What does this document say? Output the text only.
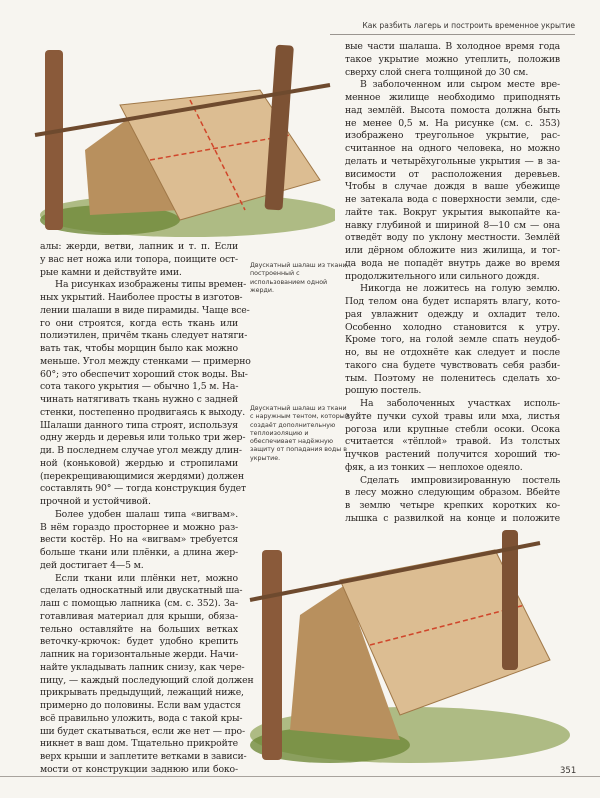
Как разбить лагерь и построить временное укрытие
Двускатный шалаш из ткани, построенный с использованием одной жерди.
Двускатный шалаш из ткани с наружным тентом, который создаёт дополнительную теплоизоляцию и обеспечивает надёжную защиту от попадания воды в укрытие.
алы: жерди, ветви, лапник и т. п. Если
у вас нет ножа или топора, поищите ост-
рые камни и действуйте ими.
На рисунках изображены типы времен-
ных укрытий. Наиболее просты в изготов-
лении шалаши в виде пирамиды. Чаще все-
го они строятся, когда есть ткань или
полиэтилен, причём ткань следует натяги-
вать так, чтобы морщин было как можно
меньше. Угол между стенками — примерно
60°; это обеспечит хороший сток воды. Вы-
сота такого укрытия — обычно 1,5 м. На-
чинать натягивать ткань нужно с задней
стенки, постепенно продвигаясь к выходу.
Шалаши данного типа строят, используя
одну жердь и деревья или только три жер-
ди. В последнем случае угол между длин-
ной (коньковой) жердью и стропилами
(перекрещивающимися жердями) должен
составлять 90° — тогда конструкция будет
прочной и устойчивой.
Более удобен шалаш типа «вигвам».
В нём гораздо просторнее и можно раз-
вести костёр. Но на «вигвам» требуется
больше ткани или плёнки, а длина жер-
дей достигает 4—5 м.
Если ткани или плёнки нет, можно
сделать односкатный или двускатный ша-
лаш с помощью лапника (см. с. 352). За-
готавливая материал для крыши, обяза-
тельно оставляйте на больших ветках
веточку-крючок: будет удобно крепить
лапник на горизонтальные жерди. Начи-
найте укладывать лапник снизу, как чере-
пицу, — каждый последующий слой должен
прикрывать предыдущий, лежащий ниже,
примерно до половины. Если вам удастся
всё правильно уложить, вода с такой кры-
ши будет скатываться, если же нет — про-
никнет в ваш дом. Тщательно прикройте
верх крыши и заплетите ветками в зависи-
мости от конструкции заднюю или боко-
вые части шалаша. В холодное время года
такое укрытие можно утеплить, положив
сверху слой снега толщиной до 30 см.
В заболоченном или сыром месте вре-
менное жилище необходимо приподнять
над землёй. Высота помоста должна быть
не менее 0,5 м. На рисунке (см. с. 353)
изображено треугольное укрытие, рас-
считанное на одного человека, но можно
делать и четырёхугольные укрытия — в за-
висимости от расположения деревьев.
Чтобы в случае дождя в ваше убежище
не затекала вода с поверхности земли, сде-
лайте так. Вокруг укрытия выкопайте ка-
навку глубиной и шириной 8—10 см — она
отведёт воду по уклону местности. Землёй
или дёрном обложите низ жилища, и тог-
да вода не попадёт внутрь даже во время
продолжительного или сильного дождя.
Никогда не ложитесь на голую землю.
Под телом она будет испарять влагу, кото-
рая увлажнит одежду и охладит тело.
Особенно холодно становится к утру.
Кроме того, на голой земле спать неудоб-
но, вы не отдохнёте как следует и после
такого сна будете чувствовать себя разби-
тым. Поэтому не поленитесь сделать хо-
рошую постель.
На заболоченных участках исполь-
зуйте пучки сухой травы или мха, листья
рогоза или крупные стебли осоки. Осока
считается «тёплой» травой. Из толстых
пучков растений получится хороший тю-
фяк, а из тонких — неплохое одеяло.
Сделать импровизированную постель
в лесу можно следующим образом. Вбейте
в землю четыре крепких коротких ко-
лышка с развилкой на конце и положите
351
